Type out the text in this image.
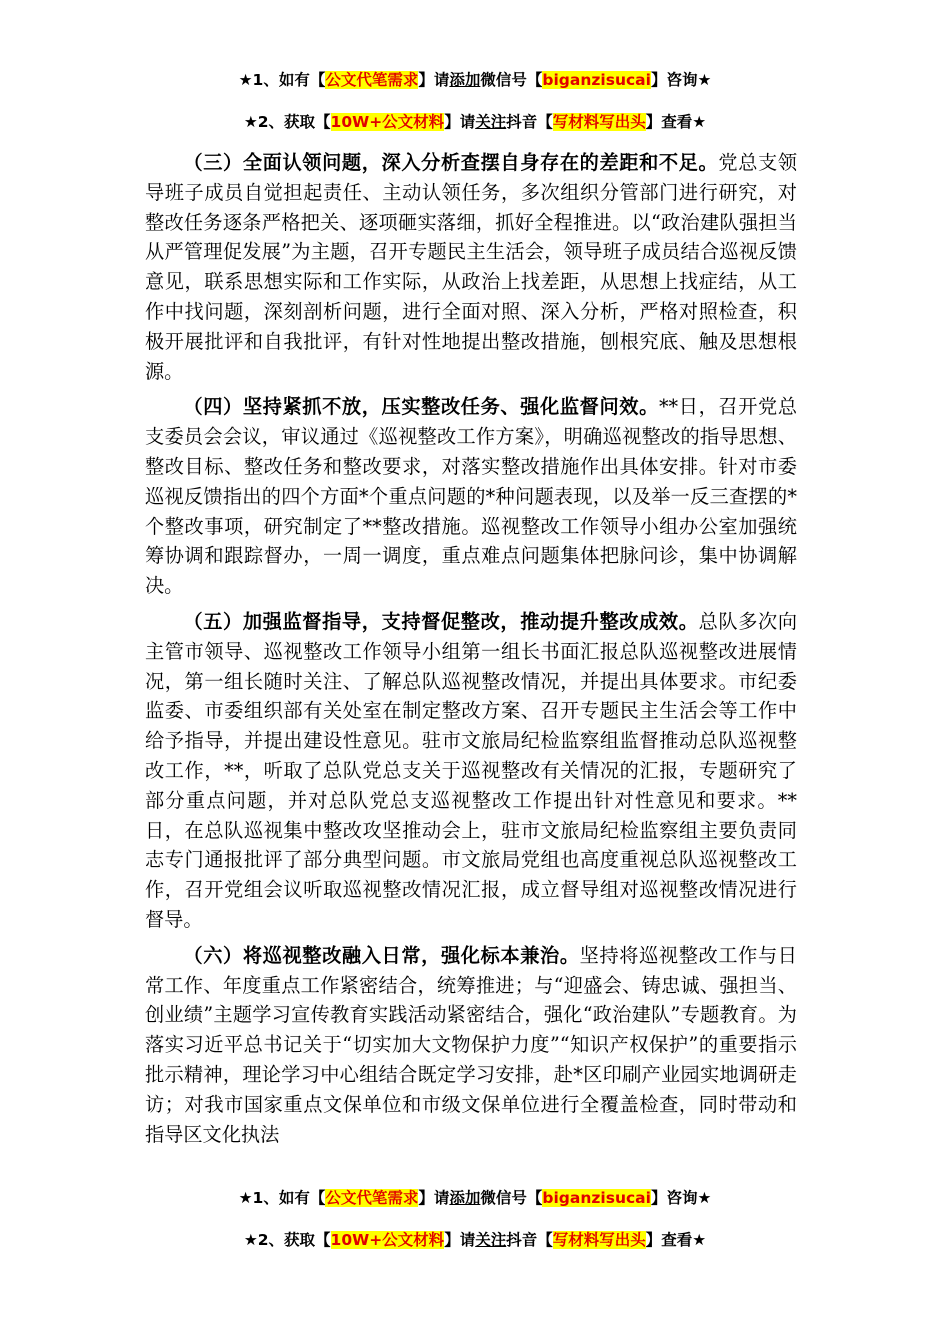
★1、如有【公文代笔需求】请添加微信号【biganzisucai】咨询★
★2、获取【10W+公文材料】请关注抖音【写材料写出头】查看★

（三）全面认领问题，深入分析查摆自身存在的差距和不足。党总支领导班子成员自觉担起责任、主动认领任务，多次组织分管部门进行研究，对整改任务逐条严格把关、逐项砸实落细，抓好全程推进。以“政治建队强担当从严管理促发展”为主题，召开专题民主生活会，领导班子成员结合巡视反馈意见，联系思想实际和工作实际，从政治上找差距，从思想上找症结，从工作中找问题，深刻剖析问题，进行全面对照、深入分析，严格对照检查，积极开展批评和自我批评，有针对性地提出整改措施，刨根究底、触及思想根源。

（四）坚持紧抓不放，压实整改任务、强化监督问效。**日，召开党总支委员会会议，审议通过《巡视整改工作方案》，明确巡视整改的指导思想、整改目标、整改任务和整改要求，对落实整改措施作出具体安排。针对市委巡视反馈指出的四个方面*个重点问题的*种问题表现，以及举一反三查摆的*个整改事项，研究制定了**整改措施。巡视整改工作领导小组办公室加强统筹协调和跟踪督办，一周一调度，重点难点问题集体把脉问诊，集中协调解决。

（五）加强监督指导，支持督促整改，推动提升整改成效。总队多次向主管市领导、巡视整改工作领导小组第一组长书面汇报总队巡视整改进展情况，第一组长随时关注、了解总队巡视整改情况，并提出具体要求。市纪委监委、市委组织部有关处室在制定整改方案、召开专题民主生活会等工作中给予指导，并提出建设性意见。驻市文旅局纪检监察组监督推动总队巡视整改工作，**，听取了总队党总支关于巡视整改有关情况的汇报，专题研究了部分重点问题，并对总队党总支巡视整改工作提出针对性意见和要求。**日，在总队巡视集中整改攻坚推动会上，驻市文旅局纪检监察组主要负责同志专门通报批评了部分典型问题。市文旅局党组也高度重视总队巡视整改工作，召开党组会议听取巡视整改情况汇报，成立督导组对巡视整改情况进行督导。

（六）将巡视整改融入日常，强化标本兼治。坚持将巡视整改工作与日常工作、年度重点工作紧密结合，统筹推进；与“迎盛会、铸忠诚、强担当、创业绩”主题学习宣传教育实践活动紧密结合，强化“政治建队”专题教育。为落实习近平总书记关于“切实加大文物保护力度”“知识产权保护”的重要指示批示精神，理论学习中心组结合既定学习安排，赴*区印刷产业园实地调研走访；对我市国家重点文保单位和市级文保单位进行全覆盖检查，同时带动和指导区文化执法

★1、如有【公文代笔需求】请添加微信号【biganzisucai】咨询★
★2、获取【10W+公文材料】请关注抖音【写材料写出头】查看★
